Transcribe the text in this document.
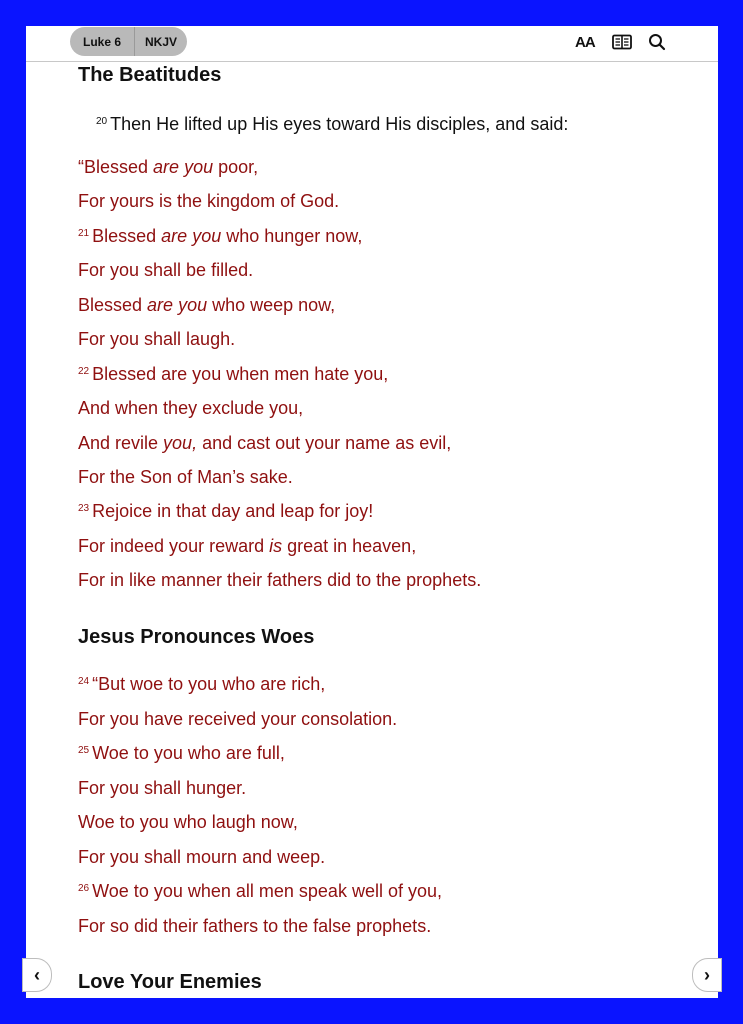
Luke 6	NKJV	AA
The Beatitudes
$^{20}$ Then He lifted up His eyes toward His disciples, and said:
“Blessed are you poor,
For yours is the kingdom of God.
$^{21}$ Blessed are you who hunger now,
For you shall be filled.
Blessed are you who weep now,
For you shall laugh.
$^{22}$ Blessed are you when men hate you,
And when they exclude you,
And revile you, and cast out your name as evil,
For the Son of Man’s sake.
$^{23}$ Rejoice in that day and leap for joy!
For indeed your reward is great in heaven,
For in like manner their fathers did to the prophets.
Jesus Pronounces Woes
$^{24}$ “But woe to you who are rich,
For you have received your consolation.
$^{25}$ Woe to you who are full,
For you shall hunger.
Woe to you who laugh now,
For you shall mourn and weep.
$^{26}$ Woe to you when all men speak well of you,
For so did their fathers to the false prophets.
Love Your Enemies
‹	›
